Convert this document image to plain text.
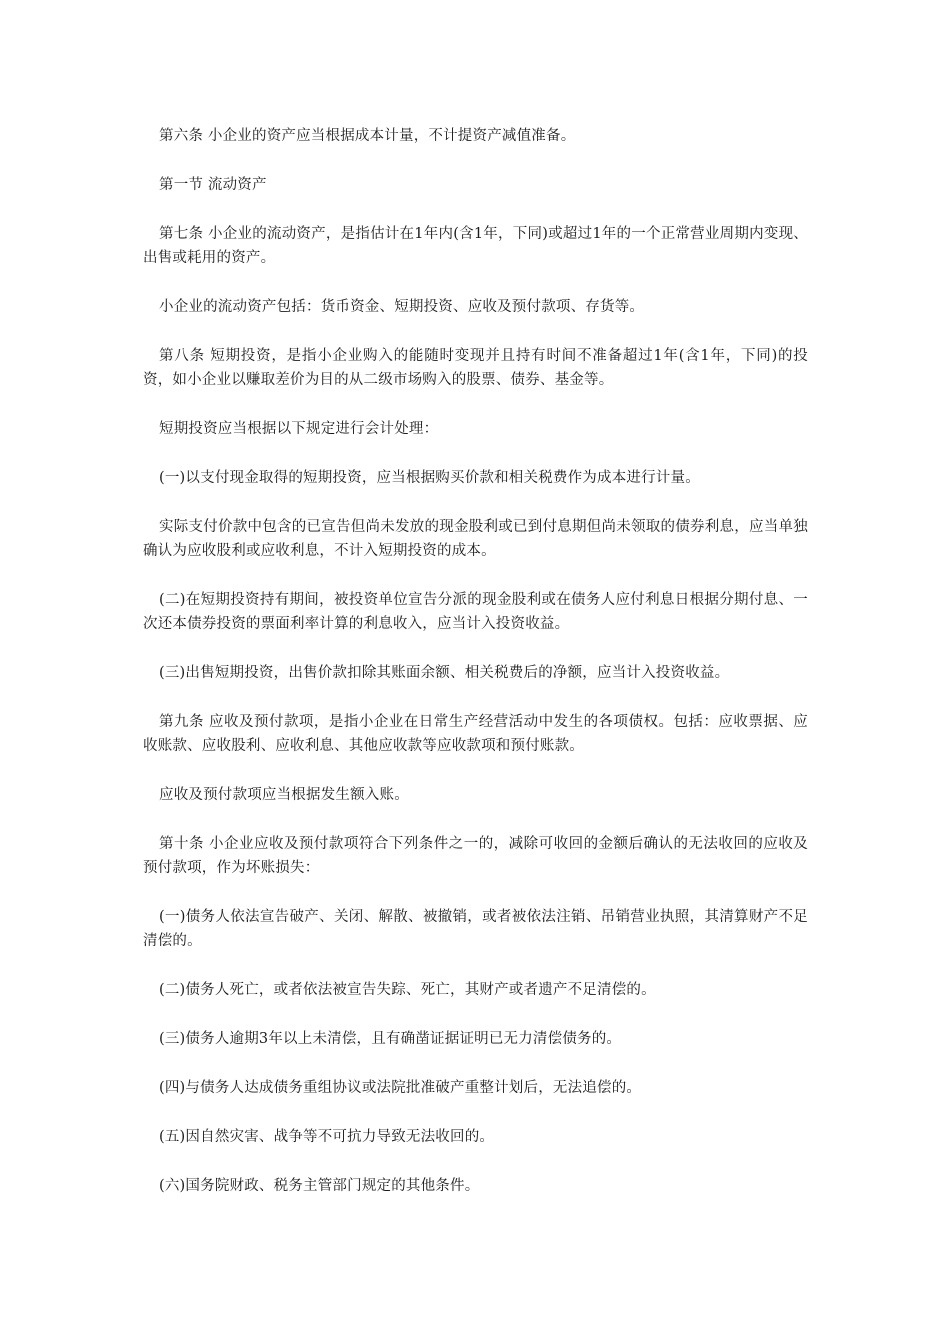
第六条 小企业的资产应当根据成本计量，不计提资产减值准备。

第一节 流动资产

第七条 小企业的流动资产，是指估计在1年内(含1年，下同)或超过1年的一个正常营业周期内变现、出售或耗用的资产。

小企业的流动资产包括：货币资金、短期投资、应收及预付款项、存货等。

第八条 短期投资，是指小企业购入的能随时变现并且持有时间不准备超过1年(含1年，下同)的投资，如小企业以赚取差价为目的从二级市场购入的股票、债券、基金等。

短期投资应当根据以下规定进行会计处理：

(一)以支付现金取得的短期投资，应当根据购买价款和相关税费作为成本进行计量。

实际支付价款中包含的已宣告但尚未发放的现金股利或已到付息期但尚未领取的债券利息，应当单独确认为应收股利或应收利息，不计入短期投资的成本。

(二)在短期投资持有期间，被投资单位宣告分派的现金股利或在债务人应付利息日根据分期付息、一次还本债券投资的票面利率计算的利息收入，应当计入投资收益。

(三)出售短期投资，出售价款扣除其账面余额、相关税费后的净额，应当计入投资收益。

第九条 应收及预付款项，是指小企业在日常生产经营活动中发生的各项债权。包括：应收票据、应收账款、应收股利、应收利息、其他应收款等应收款项和预付账款。

应收及预付款项应当根据发生额入账。

第十条 小企业应收及预付款项符合下列条件之一的，减除可收回的金额后确认的无法收回的应收及预付款项，作为坏账损失：

(一)债务人依法宣告破产、关闭、解散、被撤销，或者被依法注销、吊销营业执照，其清算财产不足清偿的。

(二)债务人死亡，或者依法被宣告失踪、死亡，其财产或者遗产不足清偿的。

(三)债务人逾期3年以上未清偿，且有确凿证据证明已无力清偿债务的。

(四)与债务人达成债务重组协议或法院批准破产重整计划后，无法追偿的。

(五)因自然灾害、战争等不可抗力导致无法收回的。

(六)国务院财政、税务主管部门规定的其他条件。
